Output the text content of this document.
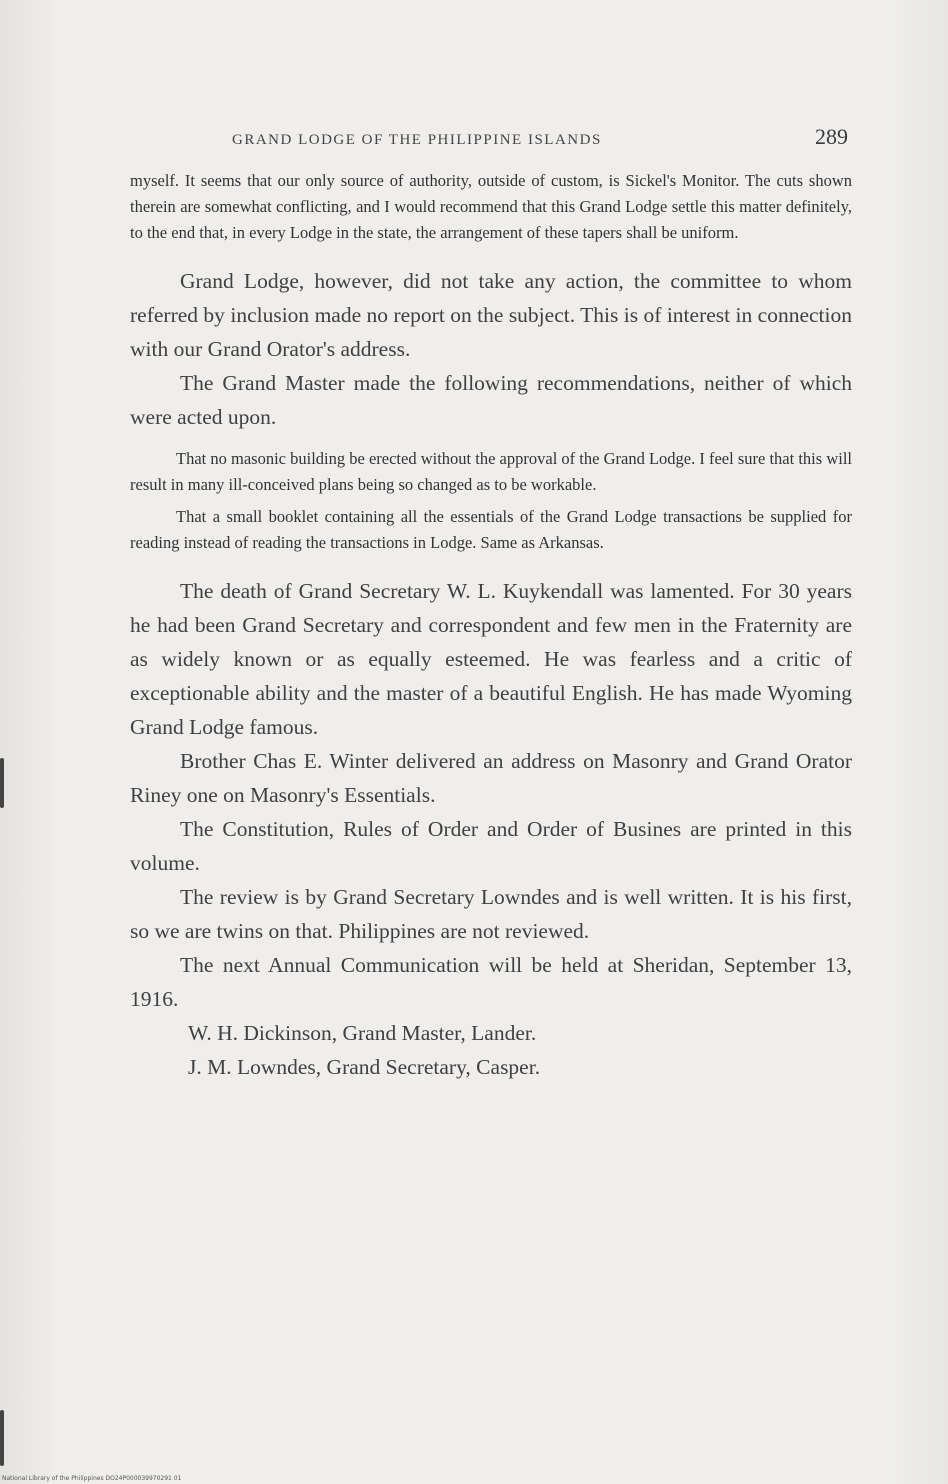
GRAND LODGE OF THE PHILIPPINE ISLANDS	289

myself. It seems that our only source of authority, outside of custom, is Sickel's Monitor. The cuts shown therein are somewhat conflicting, and I would recommend that this Grand Lodge settle this matter definitely, to the end that, in every Lodge in the state, the arrangement of these tapers shall be uniform.

Grand Lodge, however, did not take any action, the committee to whom referred by inclusion made no report on the subject. This is of interest in connection with our Grand Orator's address.

The Grand Master made the following recommendations, neither of which were acted upon.

That no masonic building be erected without the approval of the Grand Lodge. I feel sure that this will result in many ill-conceived plans being so changed as to be workable.

That a small booklet containing all the essentials of the Grand Lodge transactions be supplied for reading instead of reading the transactions in Lodge. Same as Arkansas.

The death of Grand Secretary W. L. Kuykendall was lamented. For 30 years he had been Grand Secretary and correspondent and few men in the Fraternity are as widely known or as equally esteemed. He was fearless and a critic of exceptionable ability and the master of a beautiful English. He has made Wyoming Grand Lodge famous.

Brother Chas E. Winter delivered an address on Masonry and Grand Orator Riney one on Masonry's Essentials.

The Constitution, Rules of Order and Order of Busines are printed in this volume.

The review is by Grand Secretary Lowndes and is well written. It is his first, so we are twins on that. Philippines are not reviewed.

The next Annual Communication will be held at Sheridan, September 13, 1916.

W. H. Dickinson, Grand Master, Lander.

J. M. Lowndes, Grand Secretary, Casper.

National Library of the Philippines DO24P000039970291 01
